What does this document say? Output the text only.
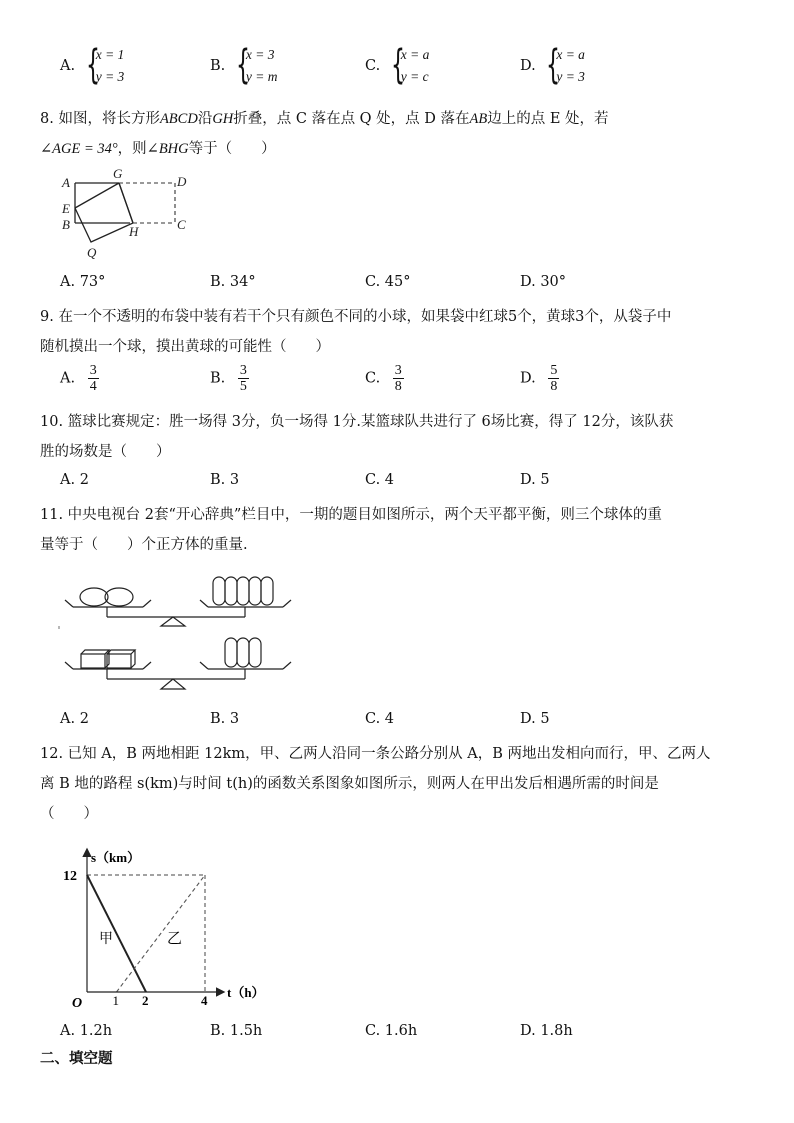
A. {
x = 1
y = 3
B. {
x = 3
y = m
C. {
x = a
y = c
D. {
x = a
y = 3
8. 如图，将长方形ABCD沿GH折叠，点 C 落在点 Q 处，点 D 落在AB边上的点 E 处，若
∠AGE = 34°，则∠BHG等于（　　）
A
G
D
E
B	H	C
Q
A. 73°	B. 34°	C. 45°	D. 30°
9. 在一个不透明的布袋中装有若干个只有颜色不同的小球，如果袋中红球5个，黄球3个，从袋子中
随机摸出一个球，摸出黄球的可能性（　　）
A. $\frac{3}{4}$	B. $\frac{3}{5}$	C. $\frac{3}{8}$	D. $\frac{5}{8}$
10. 篮球比赛规定：胜一场得 3分，负一场得 1分.某篮球队共进行了 6场比赛，得了 12分，该队获
胜的场数是（　　）
A. 2	B. 3	C. 4	D. 5
11. 中央电视台 2套“开心辞典”栏目中，一期的题目如图所示，两个天平都平衡，则三个球体的重
量等于（　　）个正方体的重量.
A. 2	B. 3	C. 4	D. 5
12. 已知 A，B 两地相距 12km，甲、乙两人沿同一条公路分别从 A，B 两地出发相向而行，甲、乙两人
离 B 地的路程 s(km)与时间 t(h)的函数关系图象如图所示，则两人在甲出发后相遇所需的时间是
（　　）
s（km）
t（h）
O
12
1 2	4
甲	乙
A. 1.2h	B. 1.5h	C. 1.6h	D. 1.8h
二、填空题
